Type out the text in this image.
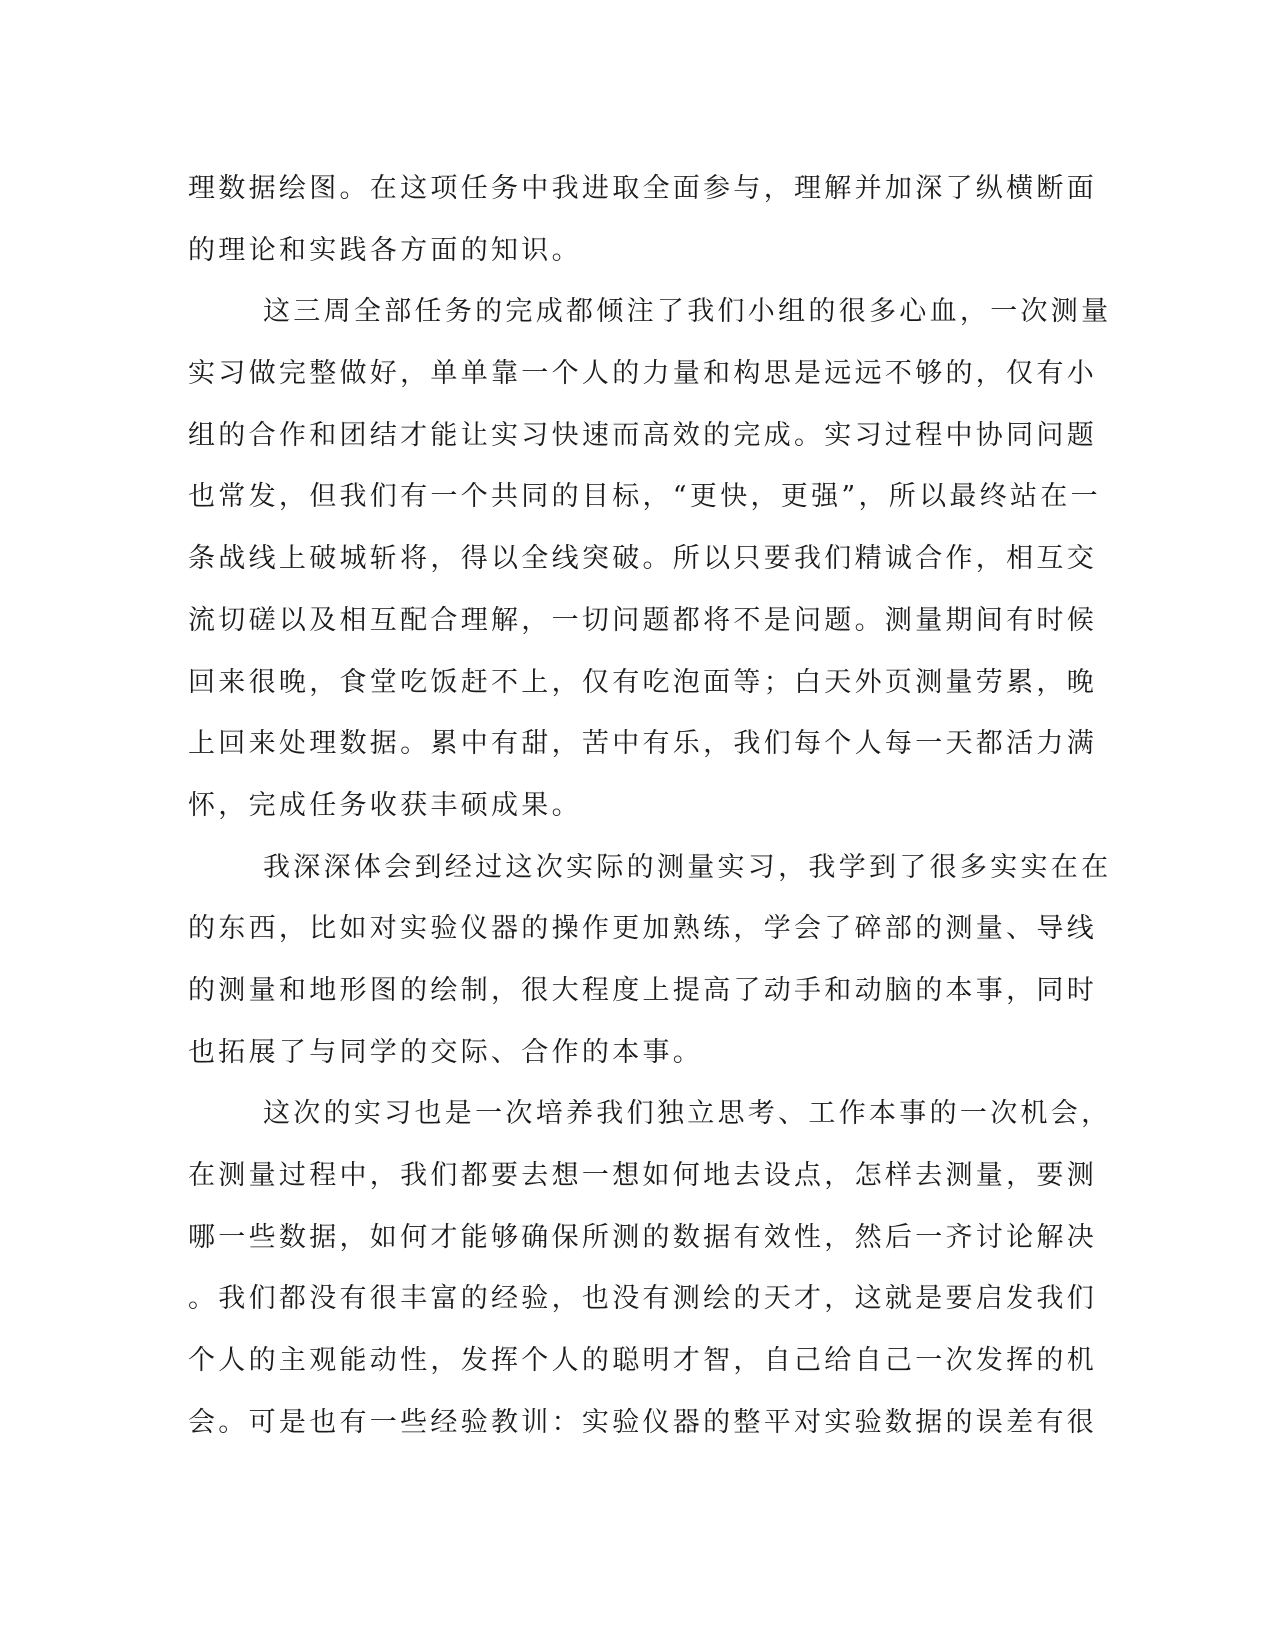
理数据绘图。在这项任务中我进取全面参与，理解并加深了纵横断面
的理论和实践各方面的知识。
这三周全部任务的完成都倾注了我们小组的很多心血，一次测量
实习做完整做好，单单靠一个人的力量和构思是远远不够的，仅有小
组的合作和团结才能让实习快速而高效的完成。实习过程中协同问题
也常发，但我们有一个共同的目标，“更快，更强”，所以最终站在一
条战线上破城斩将，得以全线突破。所以只要我们精诚合作，相互交
流切磋以及相互配合理解，一切问题都将不是问题。测量期间有时候
回来很晚，食堂吃饭赶不上，仅有吃泡面等；白天外页测量劳累，晚
上回来处理数据。累中有甜，苦中有乐，我们每个人每一天都活力满
怀，完成任务收获丰硕成果。
我深深体会到经过这次实际的测量实习，我学到了很多实实在在
的东西，比如对实验仪器的操作更加熟练，学会了碎部的测量、导线
的测量和地形图的绘制，很大程度上提高了动手和动脑的本事，同时
也拓展了与同学的交际、合作的本事。
这次的实习也是一次培养我们独立思考、工作本事的一次机会，
在测量过程中，我们都要去想一想如何地去设点，怎样去测量，要测
哪一些数据，如何才能够确保所测的数据有效性，然后一齐讨论解决
。我们都没有很丰富的经验，也没有测绘的天才，这就是要启发我们
个人的主观能动性，发挥个人的聪明才智，自己给自己一次发挥的机
会。可是也有一些经验教训：实验仪器的整平对实验数据的误差有很
